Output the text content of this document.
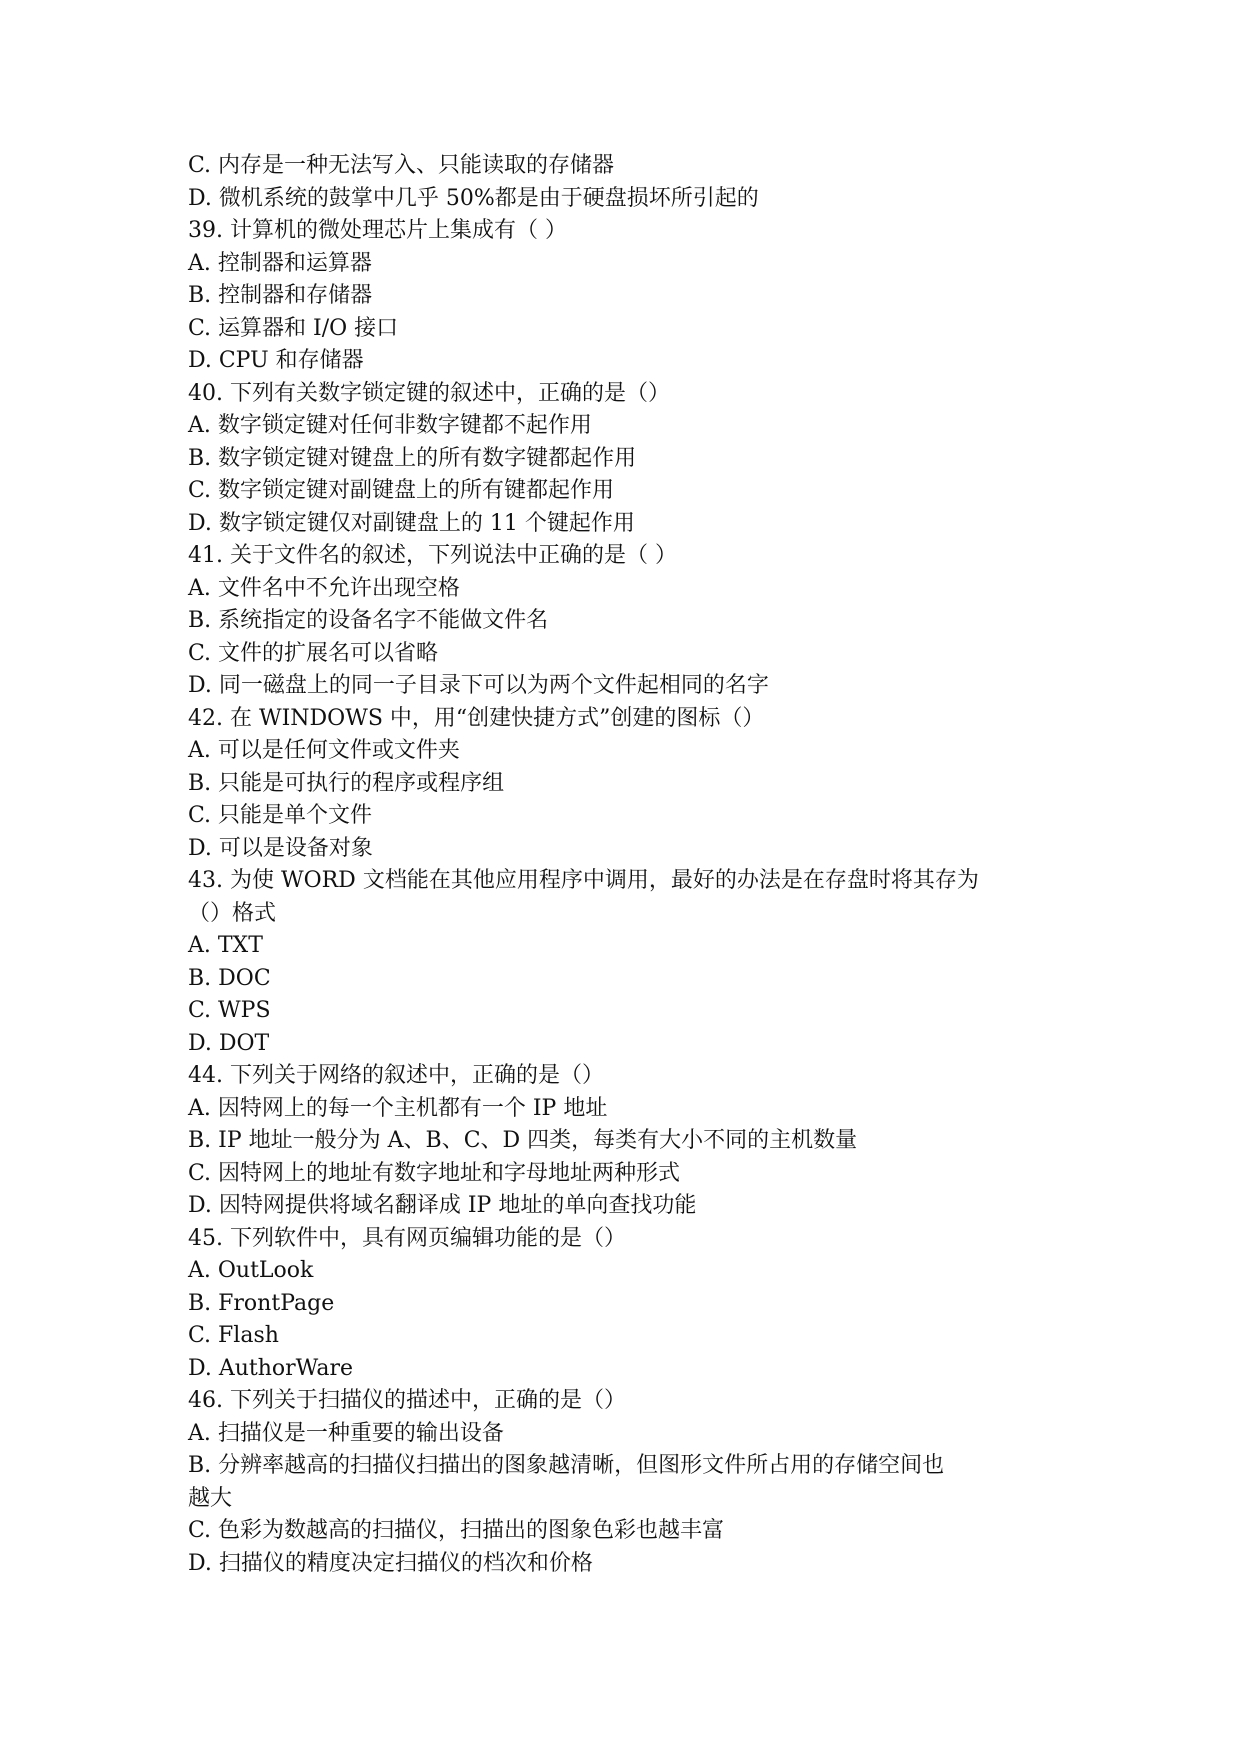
C. 内存是一种无法写入、只能读取的存储器
D. 微机系统的鼓掌中几乎 50%都是由于硬盘损坏所引起的
39. 计算机的微处理芯片上集成有（ ）
A. 控制器和运算器
B. 控制器和存储器
C. 运算器和 I/O 接口
D. CPU 和存储器
40. 下列有关数字锁定键的叙述中，正确的是（）
A. 数字锁定键对任何非数字键都不起作用
B. 数字锁定键对键盘上的所有数字键都起作用
C. 数字锁定键对副键盘上的所有键都起作用
D. 数字锁定键仅对副键盘上的 11 个键起作用
41. 关于文件名的叙述，下列说法中正确的是（ ）
A. 文件名中不允许出现空格
B. 系统指定的设备名字不能做文件名
C. 文件的扩展名可以省略
D. 同一磁盘上的同一子目录下可以为两个文件起相同的名字
42. 在 WINDOWS 中，用“创建快捷方式”创建的图标（）
A. 可以是任何文件或文件夹
B. 只能是可执行的程序或程序组
C. 只能是单个文件
D. 可以是设备对象
43. 为使 WORD 文档能在其他应用程序中调用，最好的办法是在存盘时将其存为
（）格式
A. TXT
B. DOC
C. WPS
D. DOT
44. 下列关于网络的叙述中，正确的是（）
A. 因特网上的每一个主机都有一个 IP 地址
B. IP 地址一般分为 A、B、C、D 四类，每类有大小不同的主机数量
C. 因特网上的地址有数字地址和字母地址两种形式
D. 因特网提供将域名翻译成 IP 地址的单向查找功能
45. 下列软件中，具有网页编辑功能的是（）
A. OutLook
B. FrontPage
C. Flash
D. AuthorWare
46. 下列关于扫描仪的描述中，正确的是（）
A. 扫描仪是一种重要的输出设备
B. 分辨率越高的扫描仪扫描出的图象越清晰，但图形文件所占用的存储空间也
越大
C. 色彩为数越高的扫描仪，扫描出的图象色彩也越丰富
D. 扫描仪的精度决定扫描仪的档次和价格
